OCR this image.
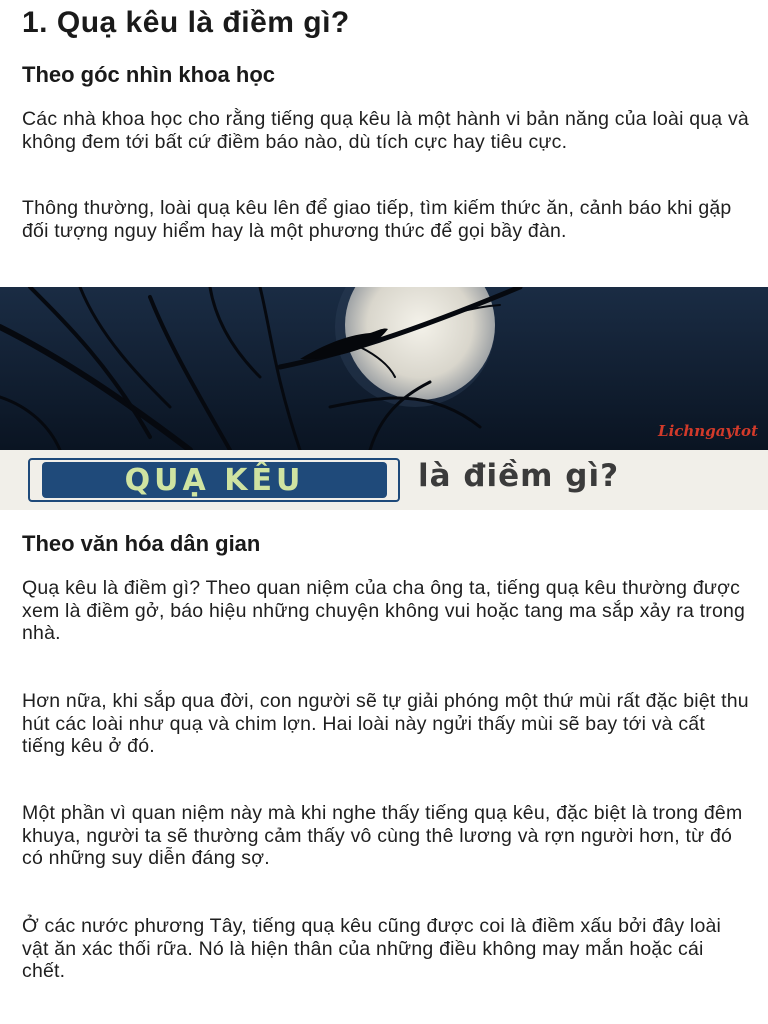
1. Quạ kêu là điềm gì?
Theo góc nhìn khoa học

Các nhà khoa học cho rằng tiếng quạ kêu là một hành vi bản năng của loài quạ và không đem tới bất cứ điềm báo nào, dù tích cực hay tiêu cực.

Thông thường, loài quạ kêu lên để giao tiếp, tìm kiếm thức ăn, cảnh báo khi gặp đối tượng nguy hiểm hay là một phương thức để gọi bầy đàn.

Lichngaytot
QUẠ KÊU	là điềm gì?
Theo văn hóa dân gian

Quạ kêu là điềm gì? Theo quan niệm của cha ông ta, tiếng quạ kêu thường được xem là điềm gở, báo hiệu những chuyện không vui hoặc tang ma sắp xảy ra trong nhà.

Hơn nữa, khi sắp qua đời, con người sẽ tự giải phóng một thứ mùi rất đặc biệt thu hút các loài như quạ và chim lợn. Hai loài này ngửi thấy mùi sẽ bay tới và cất tiếng kêu ở đó.

Một phần vì quan niệm này mà khi nghe thấy tiếng quạ kêu, đặc biệt là trong đêm khuya, người ta sẽ thường cảm thấy vô cùng thê lương và rợn người hơn, từ đó có những suy diễn đáng sợ.

Ở các nước phương Tây, tiếng quạ kêu cũng được coi là điềm xấu bởi đây loài vật ăn xác thối rữa. Nó là hiện thân của những điều không may mắn hoặc cái chết.
